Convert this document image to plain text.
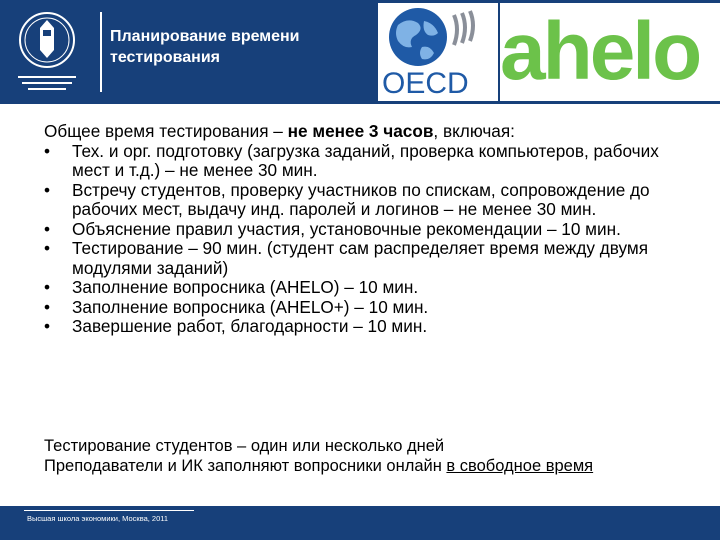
Планирование времени
тестирования
OECD ahelo

Общее время тестирования – не менее 3 часов, включая:

• Тех. и орг. подготовку (загрузка заданий, проверка компьютеров, рабочих мест и т.д.) – не менее 30 мин.
• Встречу студентов, проверку участников по спискам, сопровождение до рабочих мест, выдачу инд. паролей и логинов – не менее 30 мин.
• Объяснение правил участия, установочные рекомендации – 10 мин.
• Тестирование – 90 мин. (студент сам распределяет время между двумя модулями заданий)
• Заполнение вопросника (AHELO) – 10 мин.
• Заполнение вопросника (AHELO+) – 10 мин.
• Завершение работ, благодарности – 10 мин.

Тестирование студентов – один или несколько дней

Преподаватели и ИК заполняют вопросники онлайн в свободное время

Высшая школа экономики, Москва, 2011
